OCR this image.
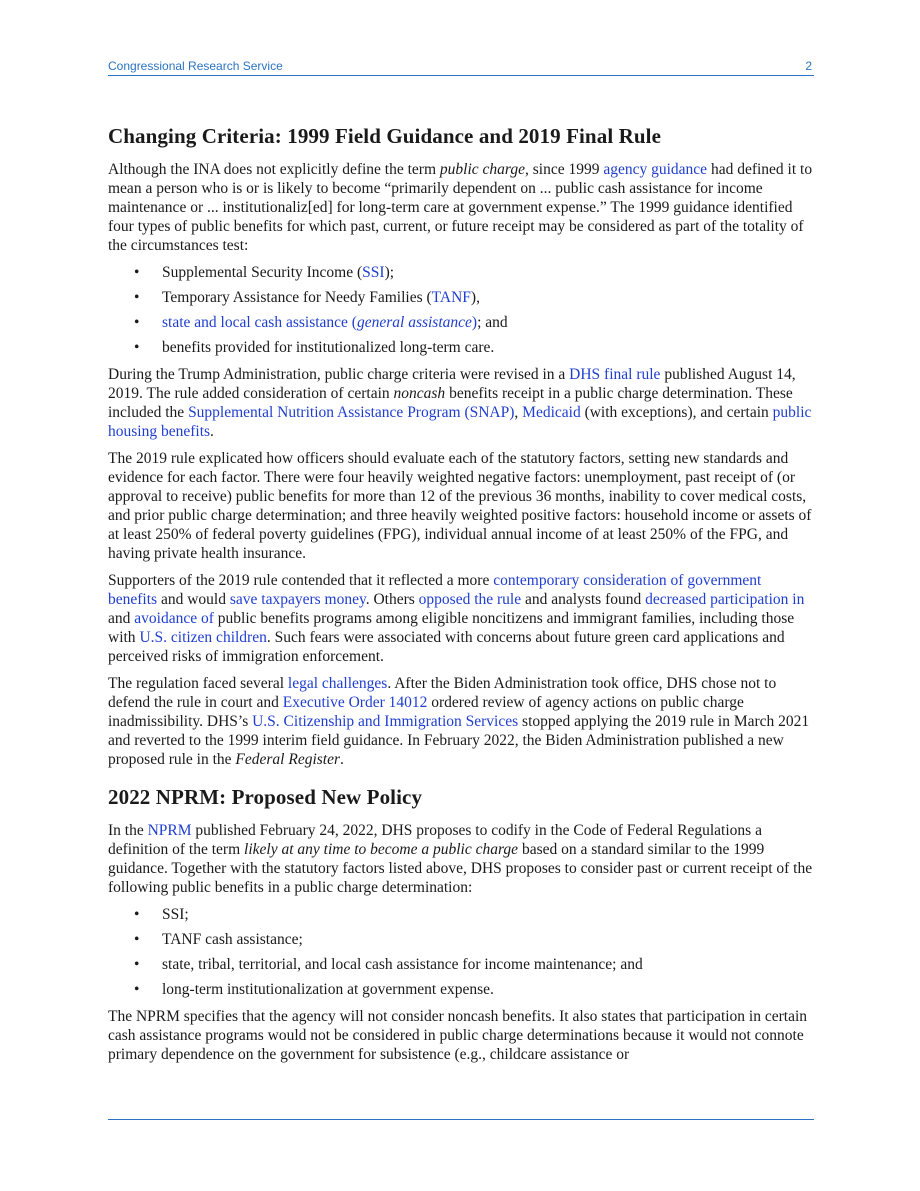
Congressional Research Service	2
Changing Criteria: 1999 Field Guidance and 2019 Final Rule

Although the INA does not explicitly define the term public charge, since 1999 agency guidance had defined it to mean a person who is or is likely to become “primarily dependent on ... public cash assistance for income maintenance or ... institutionaliz[ed] for long-term care at government expense.” The 1999 guidance identified four types of public benefits for which past, current, or future receipt may be considered as part of the totality of the circumstances test:

• Supplemental Security Income (SSI);
• Temporary Assistance for Needy Families (TANF),
• state and local cash assistance (general assistance); and
• benefits provided for institutionalized long-term care.

During the Trump Administration, public charge criteria were revised in a DHS final rule published August 14, 2019. The rule added consideration of certain noncash benefits receipt in a public charge determination. These included the Supplemental Nutrition Assistance Program (SNAP), Medicaid (with exceptions), and certain public housing benefits.

The 2019 rule explicated how officers should evaluate each of the statutory factors, setting new standards and evidence for each factor. There were four heavily weighted negative factors: unemployment, past receipt of (or approval to receive) public benefits for more than 12 of the previous 36 months, inability to cover medical costs, and prior public charge determination; and three heavily weighted positive factors: household income or assets of at least 250% of federal poverty guidelines (FPG), individual annual income of at least 250% of the FPG, and having private health insurance.

Supporters of the 2019 rule contended that it reflected a more contemporary consideration of government benefits and would save taxpayers money. Others opposed the rule and analysts found decreased participation in and avoidance of public benefits programs among eligible noncitizens and immigrant families, including those with U.S. citizen children. Such fears were associated with concerns about future green card applications and perceived risks of immigration enforcement.

The regulation faced several legal challenges. After the Biden Administration took office, DHS chose not to defend the rule in court and Executive Order 14012 ordered review of agency actions on public charge inadmissibility. DHS’s U.S. Citizenship and Immigration Services stopped applying the 2019 rule in March 2021 and reverted to the 1999 interim field guidance. In February 2022, the Biden Administration published a new proposed rule in the Federal Register.

2022 NPRM: Proposed New Policy

In the NPRM published February 24, 2022, DHS proposes to codify in the Code of Federal Regulations a definition of the term likely at any time to become a public charge based on a standard similar to the 1999 guidance. Together with the statutory factors listed above, DHS proposes to consider past or current receipt of the following public benefits in a public charge determination:

• SSI;
• TANF cash assistance;
• state, tribal, territorial, and local cash assistance for income maintenance; and
• long-term institutionalization at government expense.

The NPRM specifies that the agency will not consider noncash benefits. It also states that participation in certain cash assistance programs would not be considered in public charge determinations because it would not connote primary dependence on the government for subsistence (e.g., childcare assistance or
